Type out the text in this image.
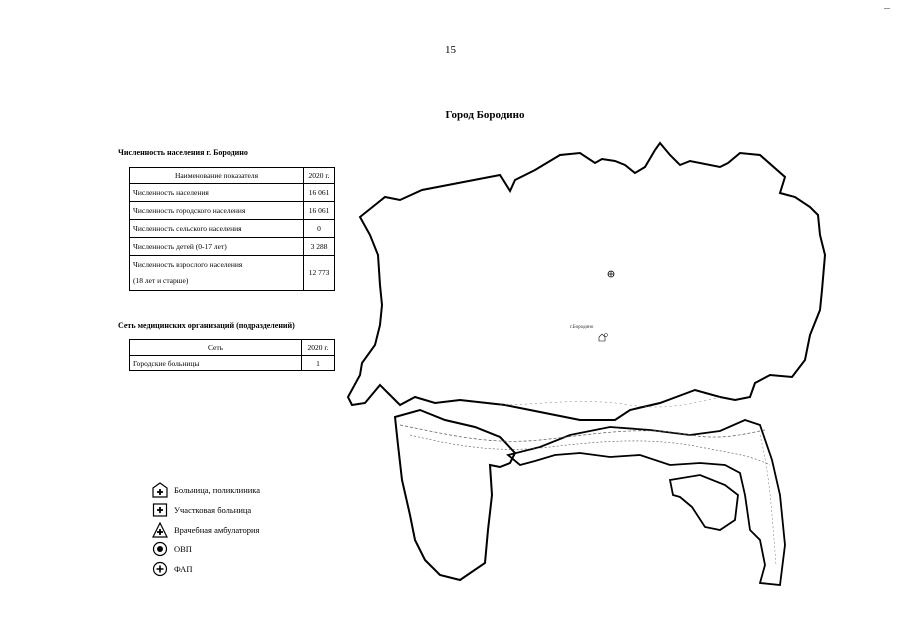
15
Город Бородино
Численность населения г. Бородино
Наименование показателя	2020 г.
Численность населения	16 061
Численность городского населения	16 061
Численность сельского населения	0
Численность детей (0-17 лет)	3 288

Численность взрослого населения
(18 лет и старше)	12 773
Сеть медицинских организаций (подразделений)
Сеть	2020 г.
Городские больницы	1
Больница, поликлиника
Участковая больница
Врачебная амбулатория
ОВП
ФАП
г.Бородино
